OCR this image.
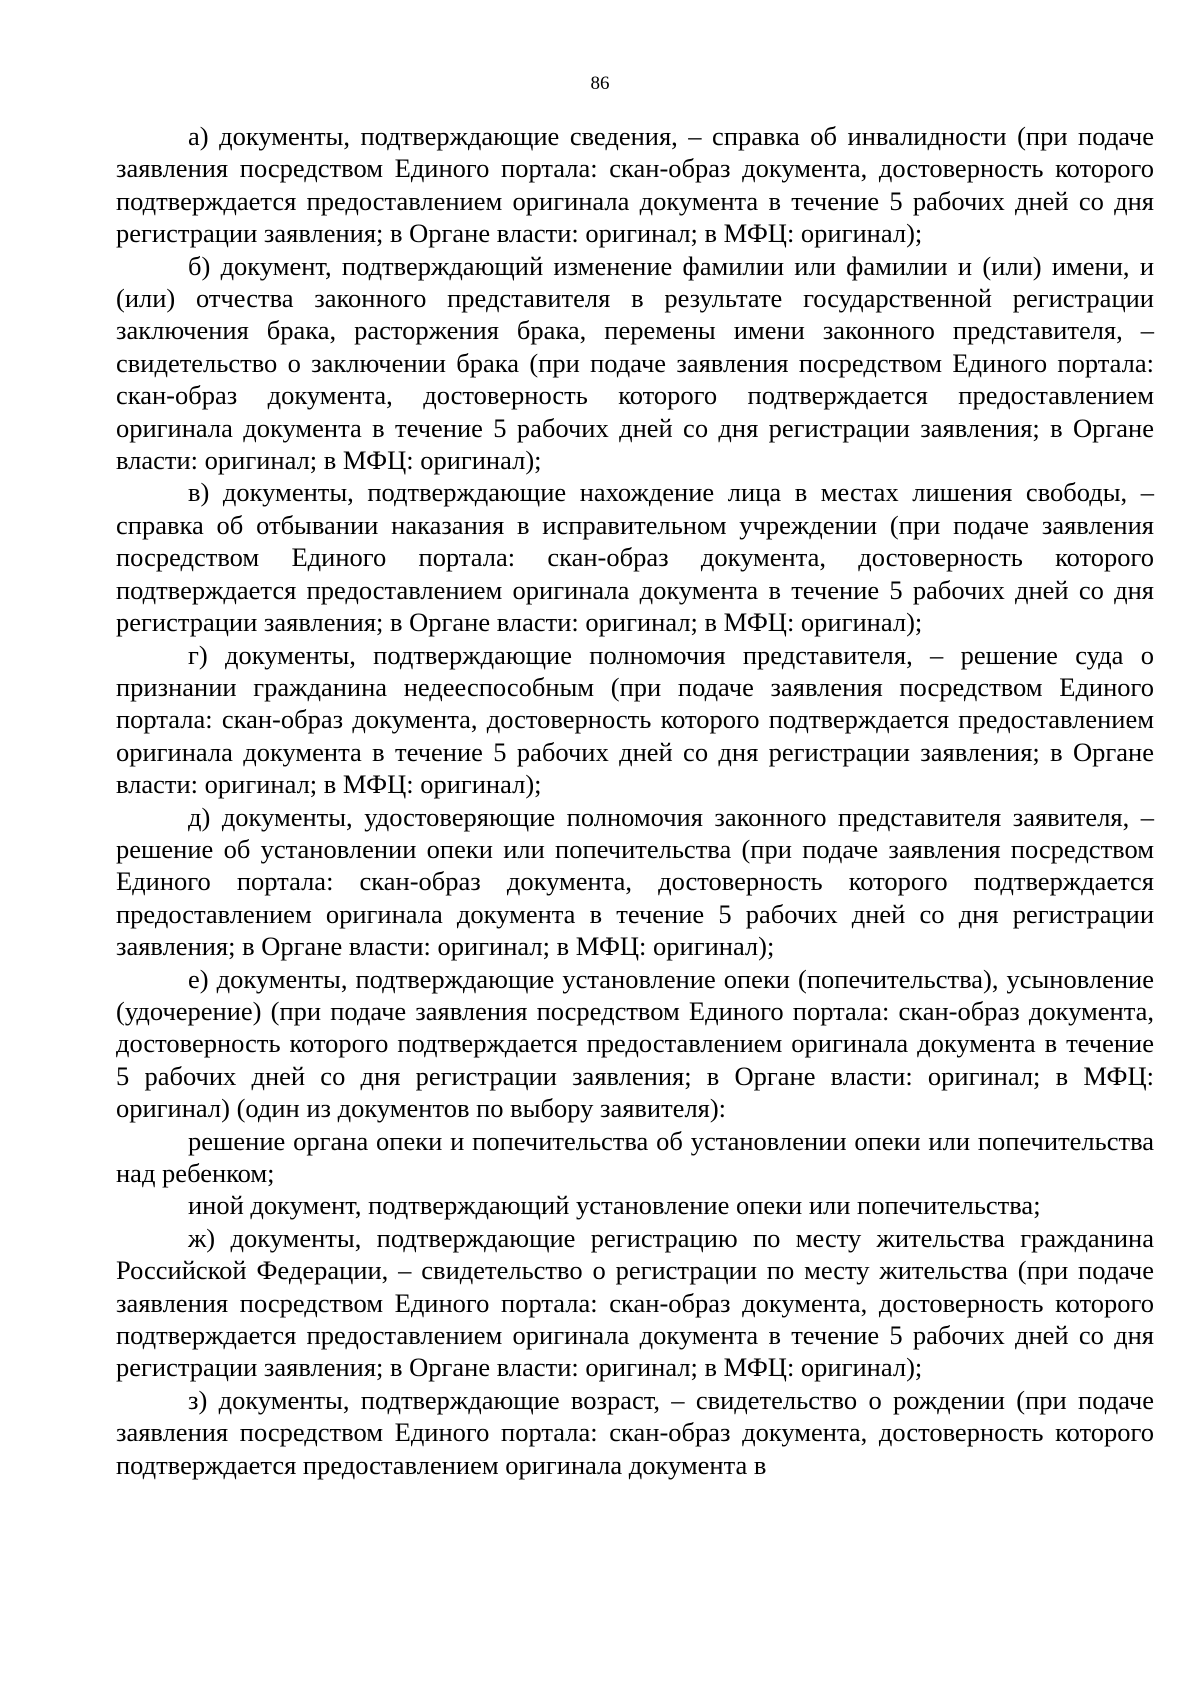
86

а) документы, подтверждающие сведения, – справка об инвалидности (при подаче заявления посредством Единого портала: скан-образ документа, достоверность которого подтверждается предоставлением оригинала документа в течение 5 рабочих дней со дня регистрации заявления; в Органе власти: оригинал; в МФЦ: оригинал);

б) документ, подтверждающий изменение фамилии или фамилии и (или) имени, и (или) отчества законного представителя в результате государственной регистрации заключения брака, расторжения брака, перемены имени законного представителя, – свидетельство о заключении брака (при подаче заявления посредством Единого портала: скан-образ документа, достоверность которого подтверждается предоставлением оригинала документа в течение 5 рабочих дней со дня регистрации заявления; в Органе власти: оригинал; в МФЦ: оригинал);

в) документы, подтверждающие нахождение лица в местах лишения свободы, – справка об отбывании наказания в исправительном учреждении (при подаче заявления посредством Единого портала: скан-образ документа, достоверность которого подтверждается предоставлением оригинала документа в течение 5 рабочих дней со дня регистрации заявления; в Органе власти: оригинал; в МФЦ: оригинал);

г) документы, подтверждающие полномочия представителя, – решение суда о признании гражданина недееспособным (при подаче заявления посредством Единого портала: скан-образ документа, достоверность которого подтверждается предоставлением оригинала документа в течение 5 рабочих дней со дня регистрации заявления; в Органе власти: оригинал; в МФЦ: оригинал);

д) документы, удостоверяющие полномочия законного представителя заявителя, – решение об установлении опеки или попечительства (при подаче заявления посредством Единого портала: скан-образ документа, достоверность которого подтверждается предоставлением оригинала документа в течение 5 рабочих дней со дня регистрации заявления; в Органе власти: оригинал; в МФЦ: оригинал);

е) документы, подтверждающие установление опеки (попечительства), усыновление (удочерение) (при подаче заявления посредством Единого портала: скан-образ документа, достоверность которого подтверждается предоставлением оригинала документа в течение 5 рабочих дней со дня регистрации заявления; в Органе власти: оригинал; в МФЦ: оригинал) (один из документов по выбору заявителя):

решение органа опеки и попечительства об установлении опеки или попечительства над ребенком;

иной документ, подтверждающий установление опеки или попечительства;

ж) документы, подтверждающие регистрацию по месту жительства гражданина Российской Федерации, – свидетельство о регистрации по месту жительства (при подаче заявления посредством Единого портала: скан-образ документа, достоверность которого подтверждается предоставлением оригинала документа в течение 5 рабочих дней со дня регистрации заявления; в Органе власти: оригинал; в МФЦ: оригинал);

з) документы, подтверждающие возраст, – свидетельство о рождении (при подаче заявления посредством Единого портала: скан-образ документа, достоверность которого подтверждается предоставлением оригинала документа в
